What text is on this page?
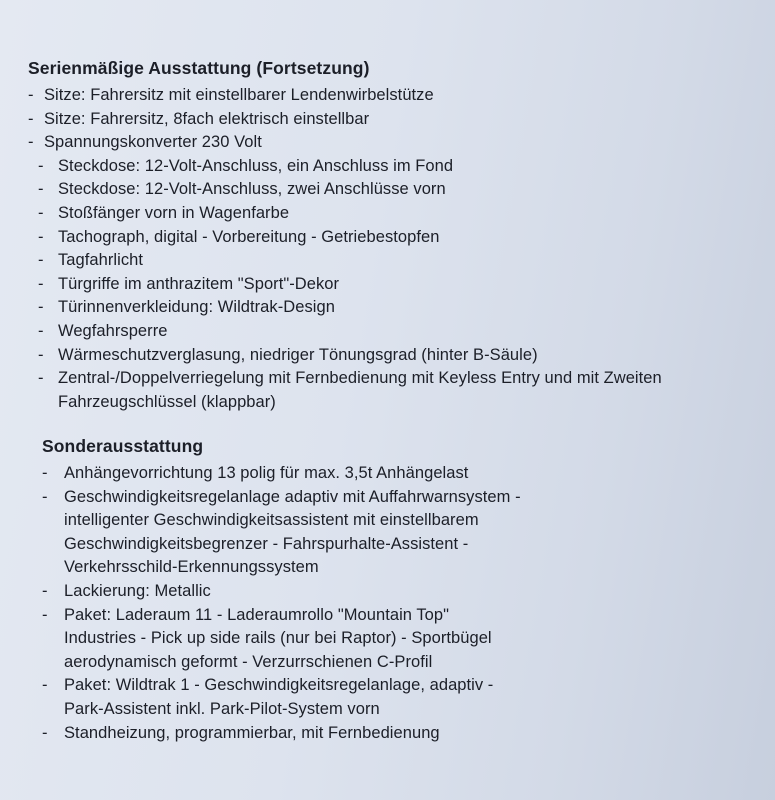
Serienmäßige Ausstattung (Fortsetzung)
- Sitze: Fahrersitz mit einstellbarer Lendenwirbelstütze
- Sitze: Fahrersitz, 8fach elektrisch einstellbar
- Spannungskonverter 230 Volt
- Steckdose: 12-Volt-Anschluss, ein Anschluss im Fond
- Steckdose: 12-Volt-Anschluss, zwei Anschlüsse vorn
- Stoßfänger vorn in Wagenfarbe
- Tachograph, digital - Vorbereitung - Getriebestopfen
- Tagfahrlicht
- Türgriffe im anthrazitem "Sport"-Dekor
- Türinnenverkleidung: Wildtrak-Design
- Wegfahrsperre
- Wärmeschutzverglasung, niedriger Tönungsgrad (hinter B-Säule)
- Zentral-/Doppelverriegelung mit Fernbedienung mit Keyless Entry und mit Zweiten
Fahrzeugschlüssel (klappbar)
Sonderausstattung
- Anhängevorrichtung 13 polig für max. 3,5t Anhängelast
- Geschwindigkeitsregelanlage adaptiv mit Auffahrwarnsystem -
intelligenter Geschwindigkeitsassistent mit einstellbarem
Geschwindigkeitsbegrenzer - Fahrspurhalte-Assistent -
Verkehrsschild-Erkennungssystem
- Lackierung: Metallic
- Paket: Laderaum 11 - Laderaumrollo "Mountain Top"
Industries - Pick up side rails (nur bei Raptor) - Sportbügel
aerodynamisch geformt - Verzurrschienen C-Profil
- Paket: Wildtrak 1 - Geschwindigkeitsregelanlage, adaptiv -
Park-Assistent inkl. Park-Pilot-System vorn
- Standheizung, programmierbar, mit Fernbedienung
